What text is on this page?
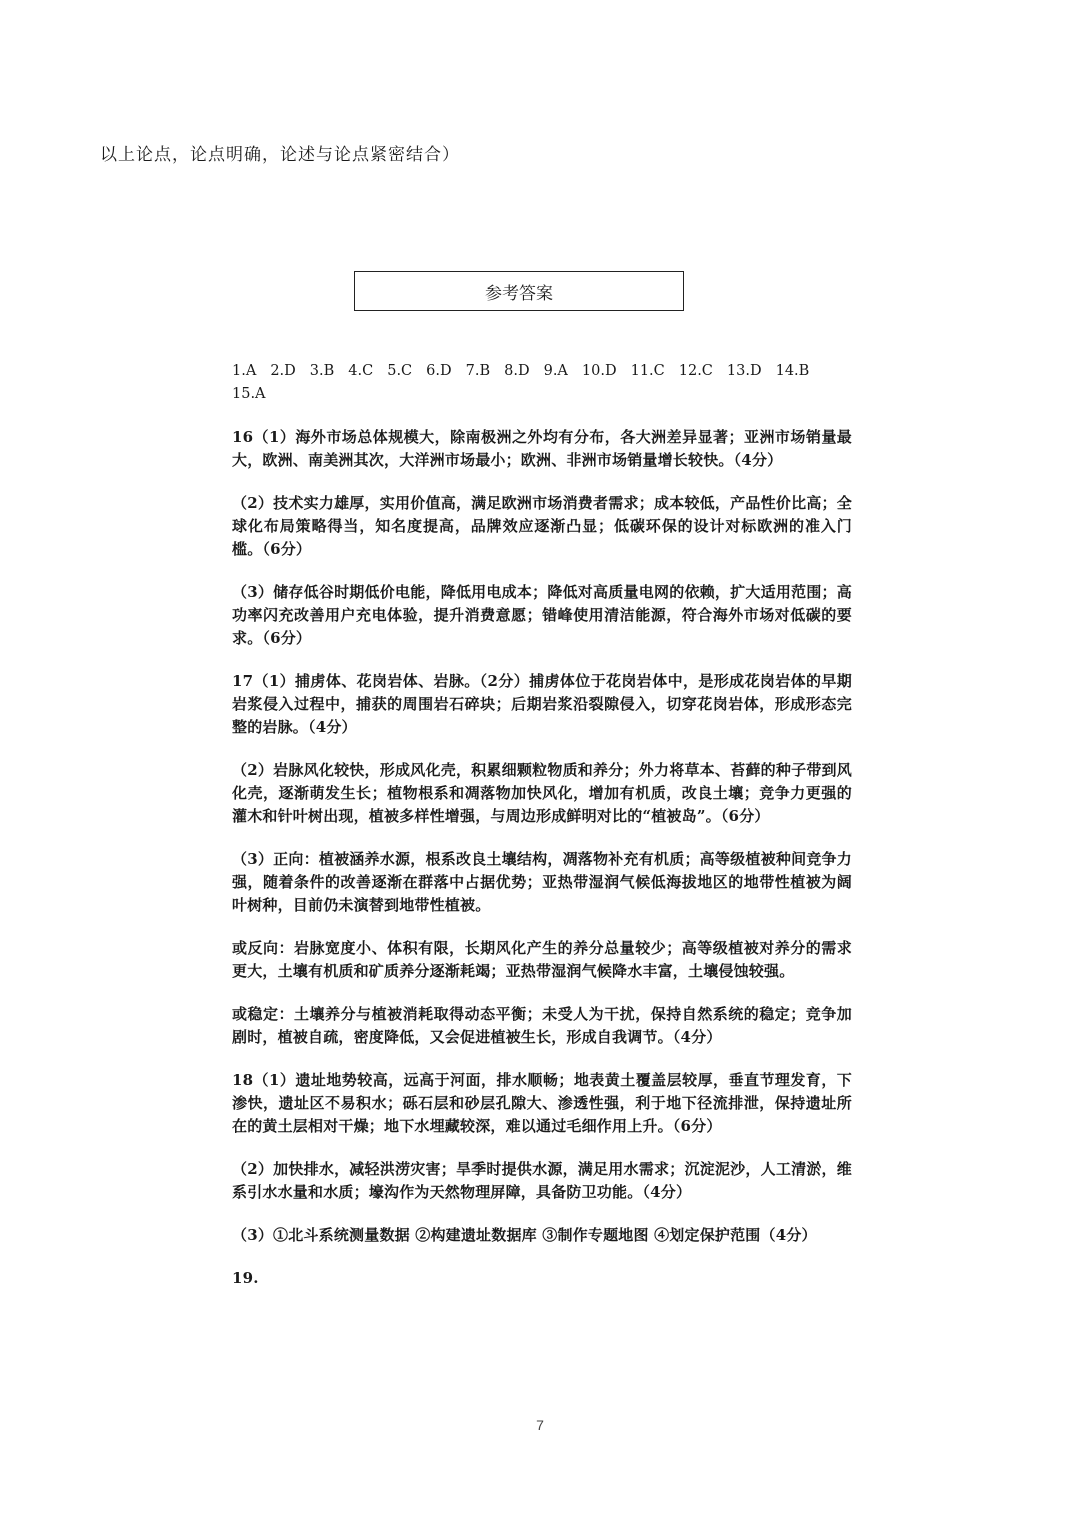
以上论点，论点明确，论述与论点紧密结合）
参考答案
1.A 2.D 3.B 4.C 5.C 6.D 7.B 8.D 9.A 10.D 11.C 12.C 13.D 14.B
15.A

16（1）海外市场总体规模大，除南极洲之外均有分布，各大洲差异显著；亚洲市场销量最大，欧洲、南美洲其次，大洋洲市场最小；欧洲、非洲市场销量增长较快。（4分）

（2）技术实力雄厚，实用价值高，满足欧洲市场消费者需求；成本较低，产品性价比高；全球化布局策略得当，知名度提高，品牌效应逐渐凸显；低碳环保的设计对标欧洲的准入门槛。（6分）

（3）储存低谷时期低价电能，降低用电成本；降低对高质量电网的依赖，扩大适用范围；高功率闪充改善用户充电体验，提升消费意愿；错峰使用清洁能源，符合海外市场对低碳的要求。（6分）

17（1）捕虏体、花岗岩体、岩脉。（2分）捕虏体位于花岗岩体中，是形成花岗岩体的早期岩浆侵入过程中，捕获的周围岩石碎块；后期岩浆沿裂隙侵入，切穿花岗岩体，形成形态完整的岩脉。（4分）

（2）岩脉风化较快，形成风化壳，积累细颗粒物质和养分；外力将草本、苔藓的种子带到风化壳，逐渐萌发生长；植物根系和凋落物加快风化，增加有机质，改良土壤；竞争力更强的灌木和针叶树出现，植被多样性增强，与周边形成鲜明对比的“植被岛”。（6分）

（3）正向：植被涵养水源，根系改良土壤结构，凋落物补充有机质；高等级植被种间竞争力强，随着条件的改善逐渐在群落中占据优势；亚热带湿润气候低海拔地区的地带性植被为阔叶树种，目前仍未演替到地带性植被。

或反向：岩脉宽度小、体积有限，长期风化产生的养分总量较少；高等级植被对养分的需求更大，土壤有机质和矿质养分逐渐耗竭；亚热带湿润气候降水丰富，土壤侵蚀较强。

或稳定：土壤养分与植被消耗取得动态平衡；未受人为干扰，保持自然系统的稳定；竞争加剧时，植被自疏，密度降低，又会促进植被生长，形成自我调节。（4分）

18（1）遗址地势较高，远高于河面，排水顺畅；地表黄土覆盖层较厚，垂直节理发育，下渗快，遗址区不易积水；砾石层和砂层孔隙大、渗透性强，利于地下径流排泄，保持遗址所在的黄土层相对干燥；地下水埋藏较深，难以通过毛细作用上升。（6分）

（2）加快排水，减轻洪涝灾害；旱季时提供水源，满足用水需求；沉淀泥沙，人工清淤，维系引水水量和水质；壕沟作为天然物理屏障，具备防卫功能。（4分）

（3）①北斗系统测量数据 ②构建遗址数据库 ③制作专题地图 ④划定保护范围（4分）

19.

7
